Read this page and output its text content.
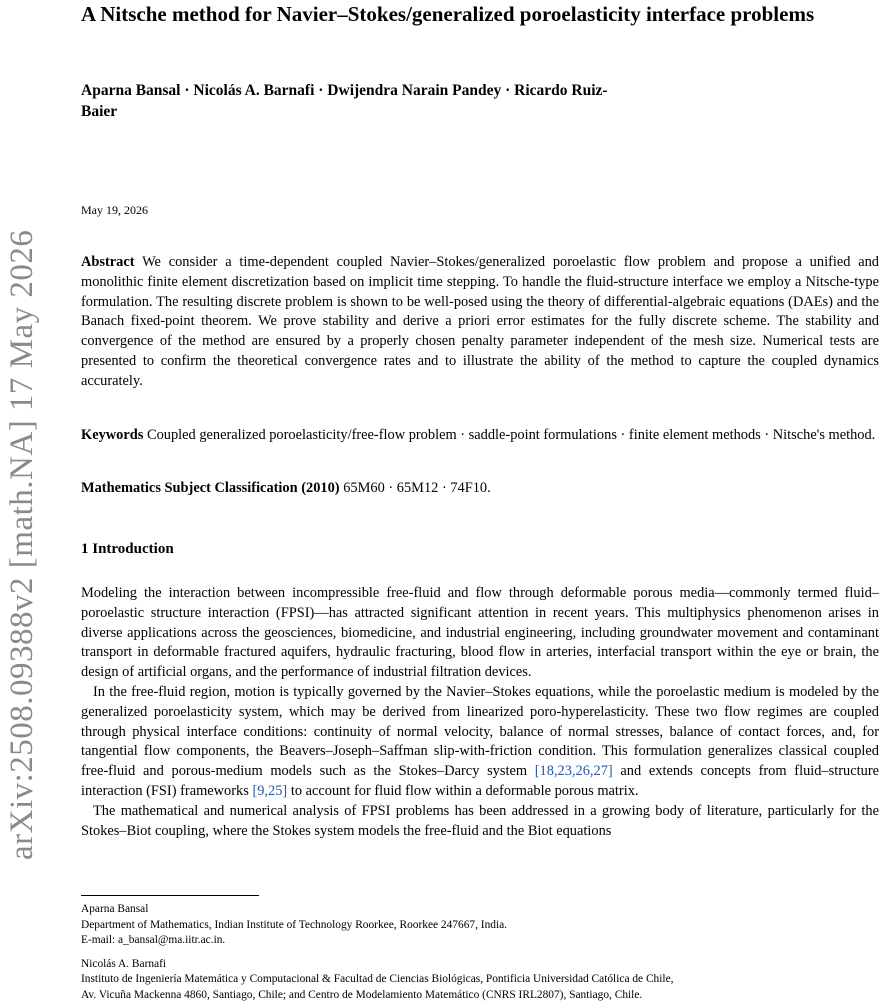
arXiv:2508.09388v2 [math.NA] 17 May 2026
A Nitsche method for Navier–Stokes/generalized poroelasticity interface problems
Aparna Bansal · Nicolás A. Barnafi · Dwijendra Narain Pandey · Ricardo Ruiz-Baier
May 19, 2026

Abstract We consider a time-dependent coupled Navier–Stokes/generalized poroelastic flow problem and propose a unified and monolithic finite element discretization based on implicit time stepping. To handle the fluid-structure interface we employ a Nitsche-type formulation. The resulting discrete problem is shown to be well-posed using the theory of differential-algebraic equations (DAEs) and the Banach fixed-point theorem. We prove stability and derive a priori error estimates for the fully discrete scheme. The stability and convergence of the method are ensured by a properly chosen penalty parameter independent of the mesh size. Numerical tests are presented to confirm the theoretical convergence rates and to illustrate the ability of the method to capture the coupled dynamics accurately.

Keywords Coupled generalized poroelasticity/free-flow problem · saddle-point formulations · finite element methods · Nitsche's method.

Mathematics Subject Classification (2010) 65M60 · 65M12 · 74F10.

1 Introduction

Modeling the interaction between incompressible free-fluid and flow through deformable porous media—commonly termed fluid–poroelastic structure interaction (FPSI)—has attracted significant attention in recent years. This multiphysics phenomenon arises in diverse applications across the geosciences, biomedicine, and industrial engineering, including groundwater movement and contaminant transport in deformable fractured aquifers, hydraulic fracturing, blood flow in arteries, interfacial transport within the eye or brain, the design of artificial organs, and the performance of industrial filtration devices.

In the free-fluid region, motion is typically governed by the Navier–Stokes equations, while the poroelastic medium is modeled by the generalized poroelasticity system, which may be derived from linearized poro-hyperelasticity. These two flow regimes are coupled through physical interface conditions: continuity of normal velocity, balance of normal stresses, balance of contact forces, and, for tangential flow components, the Beavers–Joseph–Saffman slip-with-friction condition. This formulation generalizes classical coupled free-fluid and porous-medium models such as the Stokes–Darcy system [18,23,26,27] and extends concepts from fluid–structure interaction (FSI) frameworks [9,25] to account for fluid flow within a deformable porous matrix.

The mathematical and numerical analysis of FPSI problems has been addressed in a growing body of literature, particularly for the Stokes–Biot coupling, where the Stokes system models the free-fluid and the Biot equations

Aparna Bansal
Department of Mathematics, Indian Institute of Technology Roorkee, Roorkee 247667, India.
E-mail: a_bansal@ma.iitr.ac.in.
Nicolás A. Barnafi
Instituto de Ingeniería Matemática y Computacional & Facultad de Ciencias Biológicas, Pontificia Universidad Católica de Chile,
Av. Vicuña Mackenna 4860, Santiago, Chile; and Centro de Modelamiento Matemático (CNRS IRL2807), Santiago, Chile.
